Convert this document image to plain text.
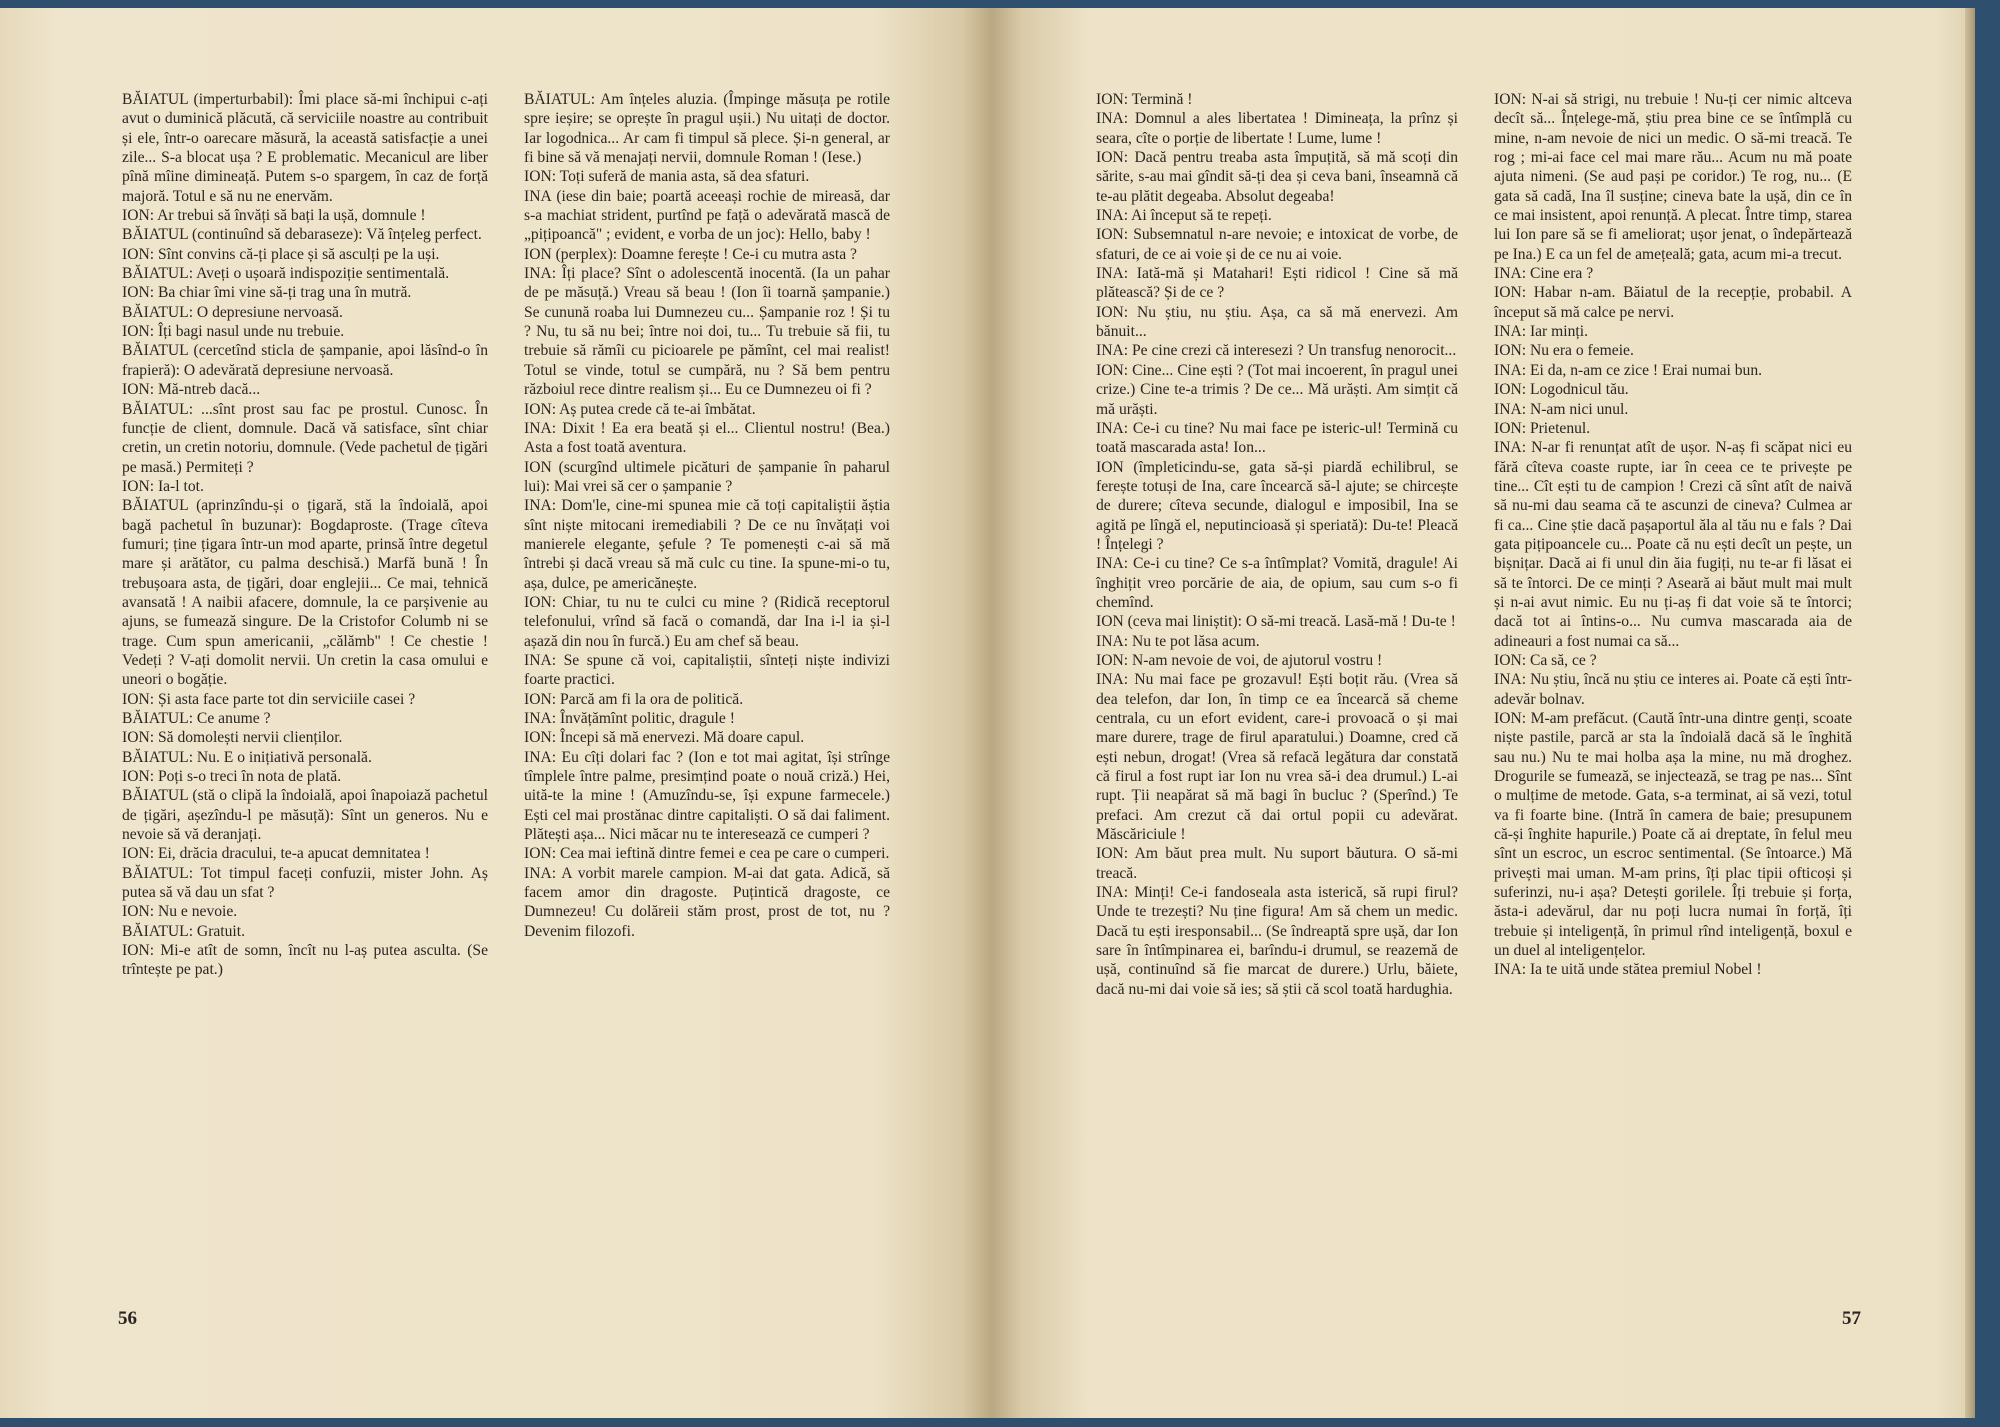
BĂIATUL (imperturbabil): Îmi place să-mi închipui c-ați avut o duminică plăcută, că serviciile noastre au contribuit și ele, într-o oarecare măsură, la această satisfacție a unei zile... S-a blocat ușa ? E problematic. Mecanicul are liber pînă mîine dimineață. Putem s-o spargem, în caz de forță majoră. Totul e să nu ne enervăm.

ION: Ar trebui să învăți să bați la ușă, domnule !

BĂIATUL (continuînd să debaraseze): Vă înțeleg perfect.

ION: Sînt convins că-ți place și să asculți pe la uși.

BĂIATUL: Aveți o ușoară indispoziție sentimentală.

ION: Ba chiar îmi vine să-ți trag una în mutră.

BĂIATUL: O depresiune nervoasă.

ION: Îți bagi nasul unde nu trebuie.

BĂIATUL (cercetînd sticla de șampanie, apoi lăsînd-o în frapieră): O adevărată depresiune nervoasă.

ION: Mă-ntreb dacă...

BĂIATUL: ...sînt prost sau fac pe prostul. Cunosc. În funcție de client, domnule. Dacă vă satisface, sînt chiar cretin, un cretin notoriu, domnule. (Vede pachetul de țigări pe masă.) Permiteți ?

ION: Ia-l tot.

BĂIATUL (aprinzîndu-și o țigară, stă la îndoială, apoi bagă pachetul în buzunar): Bogdaproste. (Trage cîteva fumuri; ține țigara într-un mod aparte, prinsă între degetul mare și arătător, cu palma deschisă.) Marfă bună ! În trebușoara asta, de țigări, doar englejii... Ce mai, tehnică avansată ! A naibii afacere, domnule, la ce parșivenie au ajuns, se fumează singure. De la Cristofor Columb ni se trage. Cum spun americanii, „călămb" ! Ce chestie ! Vedeți ? V-ați domolit nervii. Un cretin la casa omului e uneori o bogăție.

ION: Și asta face parte tot din serviciile casei ?

BĂIATUL: Ce anume ?

ION: Să domolești nervii clienților.

BĂIATUL: Nu. E o inițiativă personală.

ION: Poți s-o treci în nota de plată.

BĂIATUL (stă o clipă la îndoială, apoi înapoiază pachetul de țigări, așezîndu-l pe măsuță): Sînt un generos. Nu e nevoie să vă deranjați.

ION: Ei, drăcia dracului, te-a apucat demnitatea !

BĂIATUL: Tot timpul faceți confuzii, mister John. Aș putea să vă dau un sfat ?

ION: Nu e nevoie.

BĂIATUL: Gratuit.

ION: Mi-e atît de somn, încît nu l-aș putea asculta. (Se trîntește pe pat.)

BĂIATUL: Am înțeles aluzia. (Împinge măsuța pe rotile spre ieșire; se oprește în pragul ușii.) Nu uitați de doctor. Iar logodnica... Ar cam fi timpul să plece. Și-n general, ar fi bine să vă menajați nervii, domnule Roman ! (Iese.)

ION: Toți suferă de mania asta, să dea sfaturi.

INA (iese din baie; poartă aceeași rochie de mireasă, dar s-a machiat strident, purtînd pe față o adevărată mască de „pițipoancă" ; evident, e vorba de un joc): Hello, baby !

ION (perplex): Doamne ferește ! Ce-i cu mutra asta ?

INA: Îți place? Sînt o adolescentă inocentă. (Ia un pahar de pe măsuță.) Vreau să beau ! (Ion îi toarnă șampanie.) Se cunună roaba lui Dumnezeu cu... Șampanie roz ! Și tu ? Nu, tu să nu bei; între noi doi, tu... Tu trebuie să fii, tu trebuie să rămîi cu picioarele pe pămînt, cel mai realist! Totul se vinde, totul se cumpără, nu ? Să bem pentru războiul rece dintre realism și... Eu ce Dumnezeu oi fi ?

ION: Aș putea crede că te-ai îmbătat.

INA: Dixit ! Ea era beată și el... Clientul nostru! (Bea.) Asta a fost toată aventura.

ION (scurgînd ultimele picături de șampanie în paharul lui): Mai vrei să cer o șampanie ?

INA: Dom'le, cine-mi spunea mie că toți capitaliștii ăștia sînt niște mitocani iremediabili ? De ce nu învățați voi manierele elegante, șefule ? Te pomenești c-ai să mă întrebi și dacă vreau să mă culc cu tine. Ia spune-mi-o tu, așa, dulce, pe americănește.

ION: Chiar, tu nu te culci cu mine ? (Ridică receptorul telefonului, vrînd să facă o comandă, dar Ina i-l ia și-l așază din nou în furcă.) Eu am chef să beau.

INA: Se spune că voi, capitaliștii, sînteți niște indivizi foarte practici.

ION: Parcă am fi la ora de politică.

INA: Învățămînt politic, dragule !

ION: Începi să mă enervezi. Mă doare capul.

INA: Eu cîți dolari fac ? (Ion e tot mai agitat, își strînge tîmplele între palme, presimțind poate o nouă criză.) Hei, uită-te la mine ! (Amuzîndu-se, își expune farmecele.) Ești cel mai prostănac dintre capitaliști. O să dai faliment. Plătești așa... Nici măcar nu te interesează ce cumperi ?

ION: Cea mai ieftină dintre femei e cea pe care o cumperi.

INA: A vorbit marele campion. M-ai dat gata. Adică, să facem amor din dragoste. Puțintică dragoste, ce Dumnezeu! Cu dolăreii stăm prost, prost de tot, nu ? Devenim filozofi.

56

ION: Termină !

INA: Domnul a ales libertatea ! Dimineața, la prînz și seara, cîte o porție de libertate ! Lume, lume !

ION: Dacă pentru treaba asta împuțită, să mă scoți din sărite, s-au mai gîndit să-ți dea și ceva bani, înseamnă că te-au plătit degeaba. Absolut degeaba!

INA: Ai început să te repeți.

ION: Subsemnatul n-are nevoie; e intoxicat de vorbe, de sfaturi, de ce ai voie și de ce nu ai voie.

INA: Iată-mă și Matahari! Ești ridicol ! Cine să mă plătească? Și de ce ?

ION: Nu știu, nu știu. Așa, ca să mă enervezi. Am bănuit...

INA: Pe cine crezi că interesezi ? Un transfug nenorocit...

ION: Cine... Cine ești ? (Tot mai incoerent, în pragul unei crize.) Cine te-a trimis ? De ce... Mă urăști. Am simțit că mă urăști.

INA: Ce-i cu tine? Nu mai face pe isteric-ul! Termină cu toată mascarada asta! Ion...

ION (împleticindu-se, gata să-și piardă echilibrul, se ferește totuși de Ina, care încearcă să-l ajute; se chircește de durere; cîteva secunde, dialogul e imposibil, Ina se agită pe lîngă el, neputincioasă și speriată): Du-te! Pleacă ! Înțelegi ?

INA: Ce-i cu tine? Ce s-a întîmplat? Vomită, dragule! Ai înghițit vreo porcărie de aia, de opium, sau cum s-o fi chemînd.

ION (ceva mai liniștit): O să-mi treacă. Lasă-mă ! Du-te !

INA: Nu te pot lăsa acum.

ION: N-am nevoie de voi, de ajutorul vostru !

INA: Nu mai face pe grozavul! Ești boțit rău. (Vrea să dea telefon, dar Ion, în timp ce ea încearcă să cheme centrala, cu un efort evident, care-i provoacă o și mai mare durere, trage de firul aparatului.) Doamne, cred că ești nebun, drogat! (Vrea să refacă legătura dar constată că firul a fost rupt iar Ion nu vrea să-i dea drumul.) L-ai rupt. Ții neapărat să mă bagi în bucluc ? (Sperînd.) Te prefaci. Am crezut că dai ortul popii cu adevărat. Măscăriciule !

ION: Am băut prea mult. Nu suport băutura. O să-mi treacă.

INA: Minți! Ce-i fandoseala asta isterică, să rupi firul? Unde te trezești? Nu ține figura! Am să chem un medic. Dacă tu ești iresponsabil... (Se îndreaptă spre ușă, dar Ion sare în întîmpinarea ei, barîndu-i drumul, se reazemă de ușă, continuînd să fie marcat de durere.) Urlu, băiete, dacă nu-mi dai voie să ies; să știi că scol toată hardughia.

ION: N-ai să strigi, nu trebuie ! Nu-ți cer nimic altceva decît să... Înțelege-mă, știu prea bine ce se întîmplă cu mine, n-am nevoie de nici un medic. O să-mi treacă. Te rog ; mi-ai face cel mai mare rău... Acum nu mă poate ajuta nimeni. (Se aud pași pe coridor.) Te rog, nu... (E gata să cadă, Ina îl susține; cineva bate la ușă, din ce în ce mai insistent, apoi renunță. A plecat. Între timp, starea lui Ion pare să se fi ameliorat; ușor jenat, o îndepărtează pe Ina.) E ca un fel de amețeală; gata, acum mi-a trecut.

INA: Cine era ?

ION: Habar n-am. Băiatul de la recepție, probabil. A început să mă calce pe nervi.

INA: Iar minți.

ION: Nu era o femeie.

INA: Ei da, n-am ce zice ! Erai numai bun.

ION: Logodnicul tău.

INA: N-am nici unul.

ION: Prietenul.

INA: N-ar fi renunțat atît de ușor. N-aș fi scăpat nici eu fără cîteva coaste rupte, iar în ceea ce te privește pe tine... Cît ești tu de campion ! Crezi că sînt atît de naivă să nu-mi dau seama că te ascunzi de cineva? Culmea ar fi ca... Cine știe dacă pașaportul ăla al tău nu e fals ? Dai gata pițipoancele cu... Poate că nu ești decît un pește, un bișnițar. Dacă ai fi unul din ăia fugiți, nu te-ar fi lăsat ei să te întorci. De ce minți ? Aseară ai băut mult mai mult și n-ai avut nimic. Eu nu ți-aș fi dat voie să te întorci; dacă tot ai întins-o... Nu cumva mascarada aia de adineauri a fost numai ca să...

ION: Ca să, ce ?

INA: Nu știu, încă nu știu ce interes ai. Poate că ești într-adevăr bolnav.

ION: M-am prefăcut. (Caută într-una dintre genți, scoate niște pastile, parcă ar sta la îndoială dacă să le înghită sau nu.) Nu te mai holba așa la mine, nu mă droghez. Drogurile se fumează, se injectează, se trag pe nas... Sînt o mulțime de metode. Gata, s-a terminat, ai să vezi, totul va fi foarte bine. (Intră în camera de baie; presupunem că-și înghite hapurile.) Poate că ai dreptate, în felul meu sînt un escroc, un escroc sentimental. (Se întoarce.) Mă privești mai uman. M-am prins, îți plac tipii ofticoși și suferinzi, nu-i așa? Detești gorilele. Îți trebuie și forța, ăsta-i adevărul, dar nu poți lucra numai în forță, îți trebuie și inteligență, în primul rînd inteligență, boxul e un duel al inteligențelor.

INA: Ia te uită unde stătea premiul Nobel !

57
